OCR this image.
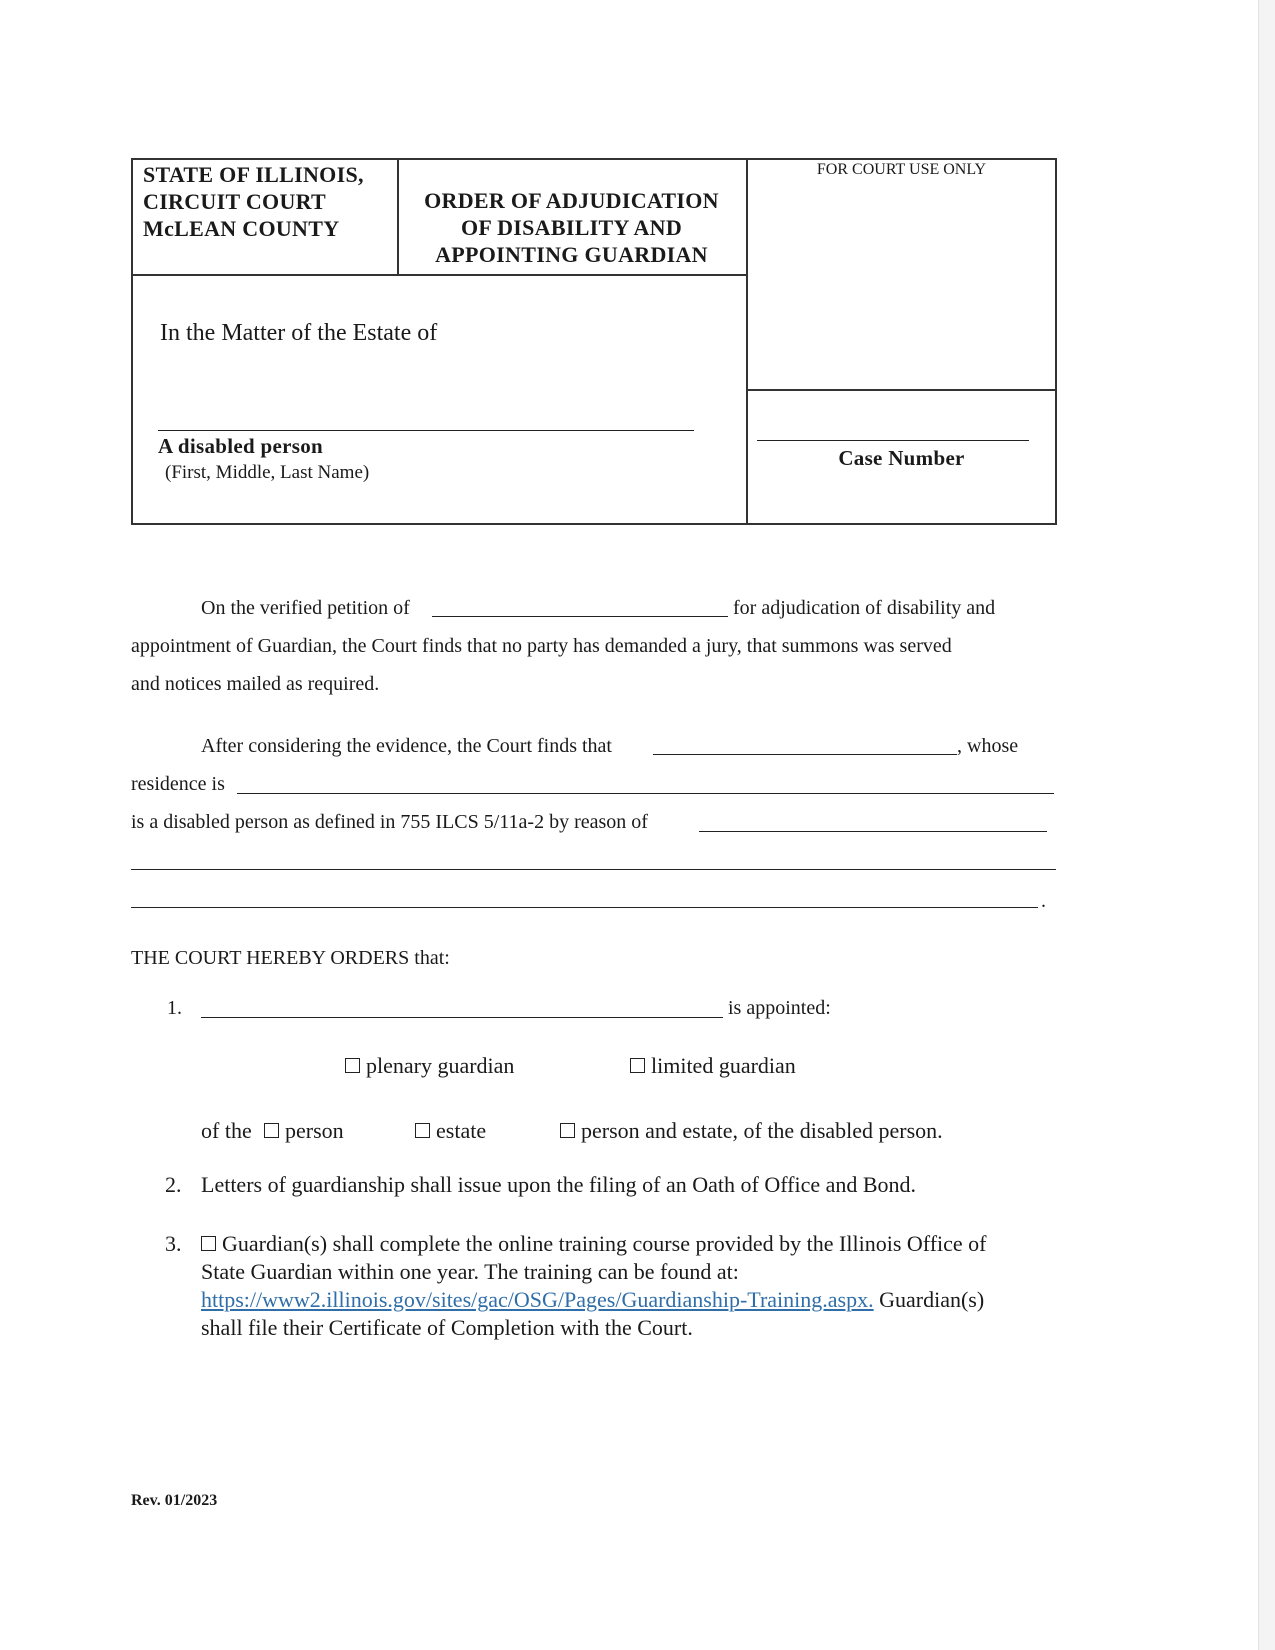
STATE OF ILLINOIS,
CIRCUIT COURT
McLEAN COUNTY
ORDER OF ADJUDICATION
OF DISABILITY AND
APPOINTING GUARDIAN
FOR COURT USE ONLY
In the Matter of the Estate of
A disabled person
(First, Middle, Last Name)
Case Number
On the verified petition of	for adjudication of disability and
appointment of Guardian, the Court finds that no party has demanded a jury, that summons was served
and notices mailed as required.
After considering the evidence, the Court finds that	, whose
residence is
is a disabled person as defined in 755 ILCS 5/11a-2 by reason of
.
THE COURT HEREBY ORDERS that:
1.	is appointed:
plenary guardian	limited guardian
of the	person	estate	person and estate, of the disabled person.
2. Letters of guardianship shall issue upon the filing of an Oath of Office and Bond.
3.	Guardian(s) shall complete the online training course provided by the Illinois Office of
State Guardian within one year. The training can be found at:
https://www2.illinois.gov/sites/gac/OSG/Pages/Guardianship-Training.aspx. Guardian(s)
shall file their Certificate of Completion with the Court.
Rev. 01/2023
